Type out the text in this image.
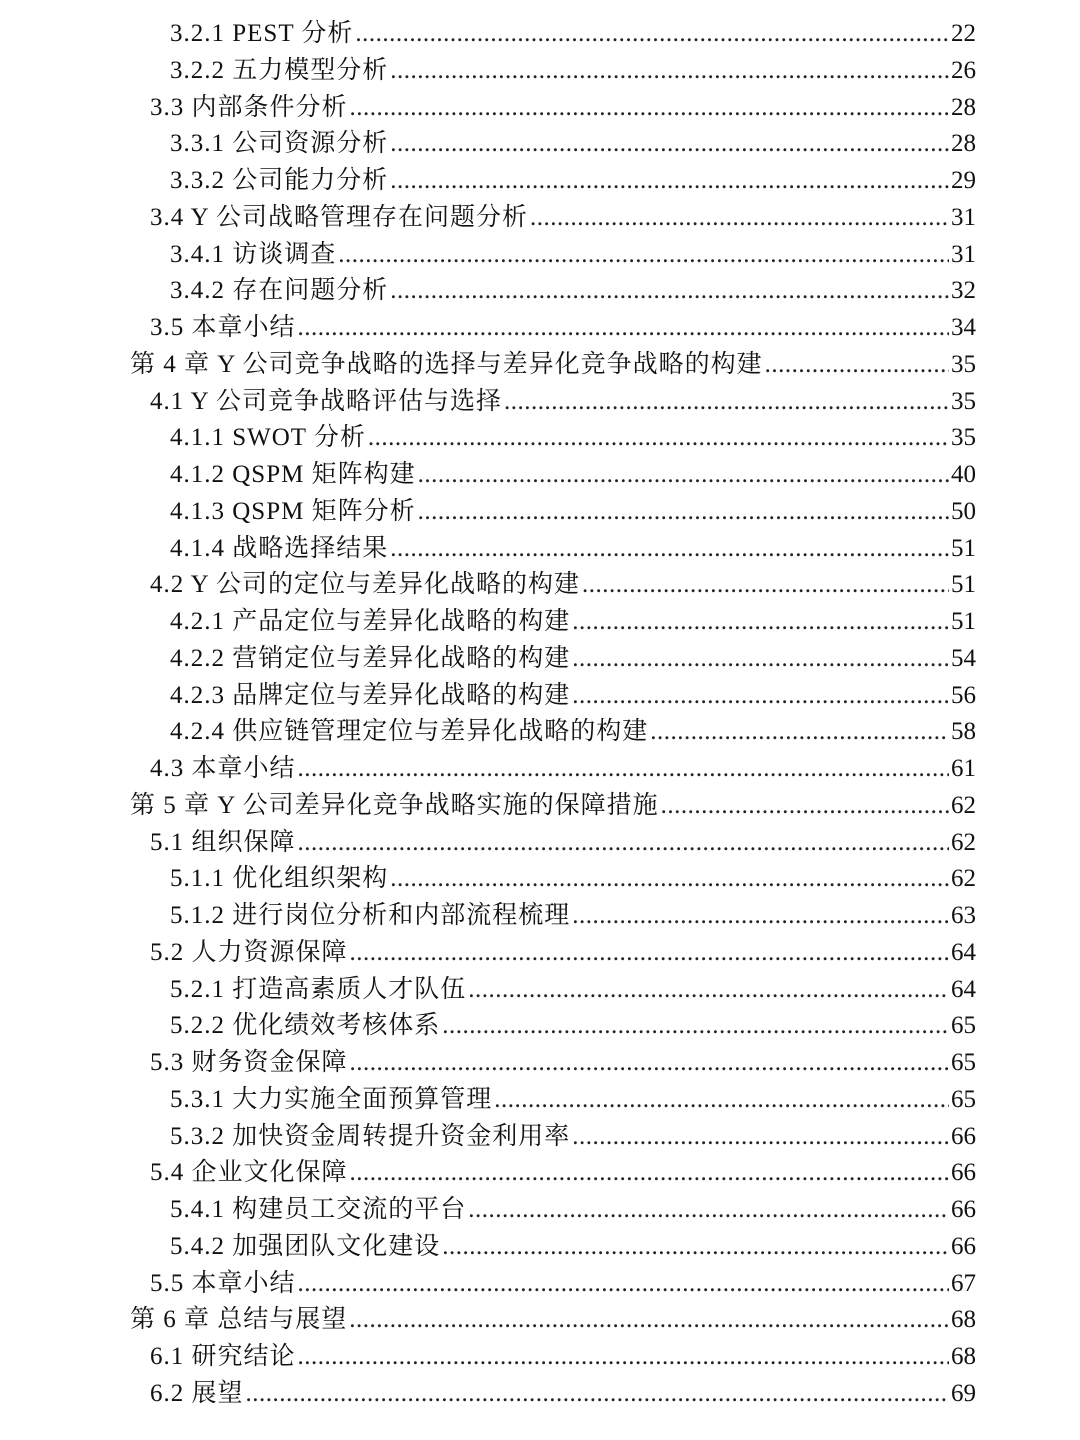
3.2.1 PEST 分析 .....	22
3.2.2 五力模型分析 .....	26
3.3 内部条件分析 .....	28
3.3.1 公司资源分析 .....	28
3.3.2 公司能力分析 .....	29
3.4 Y 公司战略管理存在问题分析 .....	31
3.4.1 访谈调查 .....	31
3.4.2 存在问题分析 .....	32
3.5 本章小结 .....	34
第 4 章 Y 公司竞争战略的选择与差异化竞争战略的构建 .....	35
4.1 Y 公司竞争战略评估与选择 .....	35
4.1.1 SWOT 分析 .....	35
4.1.2 QSPM 矩阵构建 .....	40
4.1.3 QSPM 矩阵分析 .....	50
4.1.4 战略选择结果 .....	51
4.2 Y 公司的定位与差异化战略的构建 .....	51
4.2.1 产品定位与差异化战略的构建 .....	51
4.2.2 营销定位与差异化战略的构建 .....	54
4.2.3 品牌定位与差异化战略的构建 .....	56
4.2.4 供应链管理定位与差异化战略的构建 .....	58
4.3 本章小结 .....	61
第 5 章 Y 公司差异化竞争战略实施的保障措施 .....	62
5.1 组织保障 .....	62
5.1.1 优化组织架构 .....	62
5.1.2 进行岗位分析和内部流程梳理 .....	63
5.2 人力资源保障 .....	64
5.2.1 打造高素质人才队伍 .....	64
5.2.2 优化绩效考核体系 .....	65
5.3 财务资金保障 .....	65
5.3.1 大力实施全面预算管理 .....	65
5.3.2 加快资金周转提升资金利用率 .....	66
5.4 企业文化保障 .....	66
5.4.1 构建员工交流的平台 .....	66
5.4.2 加强团队文化建设 .....	66
5.5 本章小结 .....	67
第 6 章 总结与展望 .....	68
6.1 研究结论 .....	68
6.2 展望 .....	69
